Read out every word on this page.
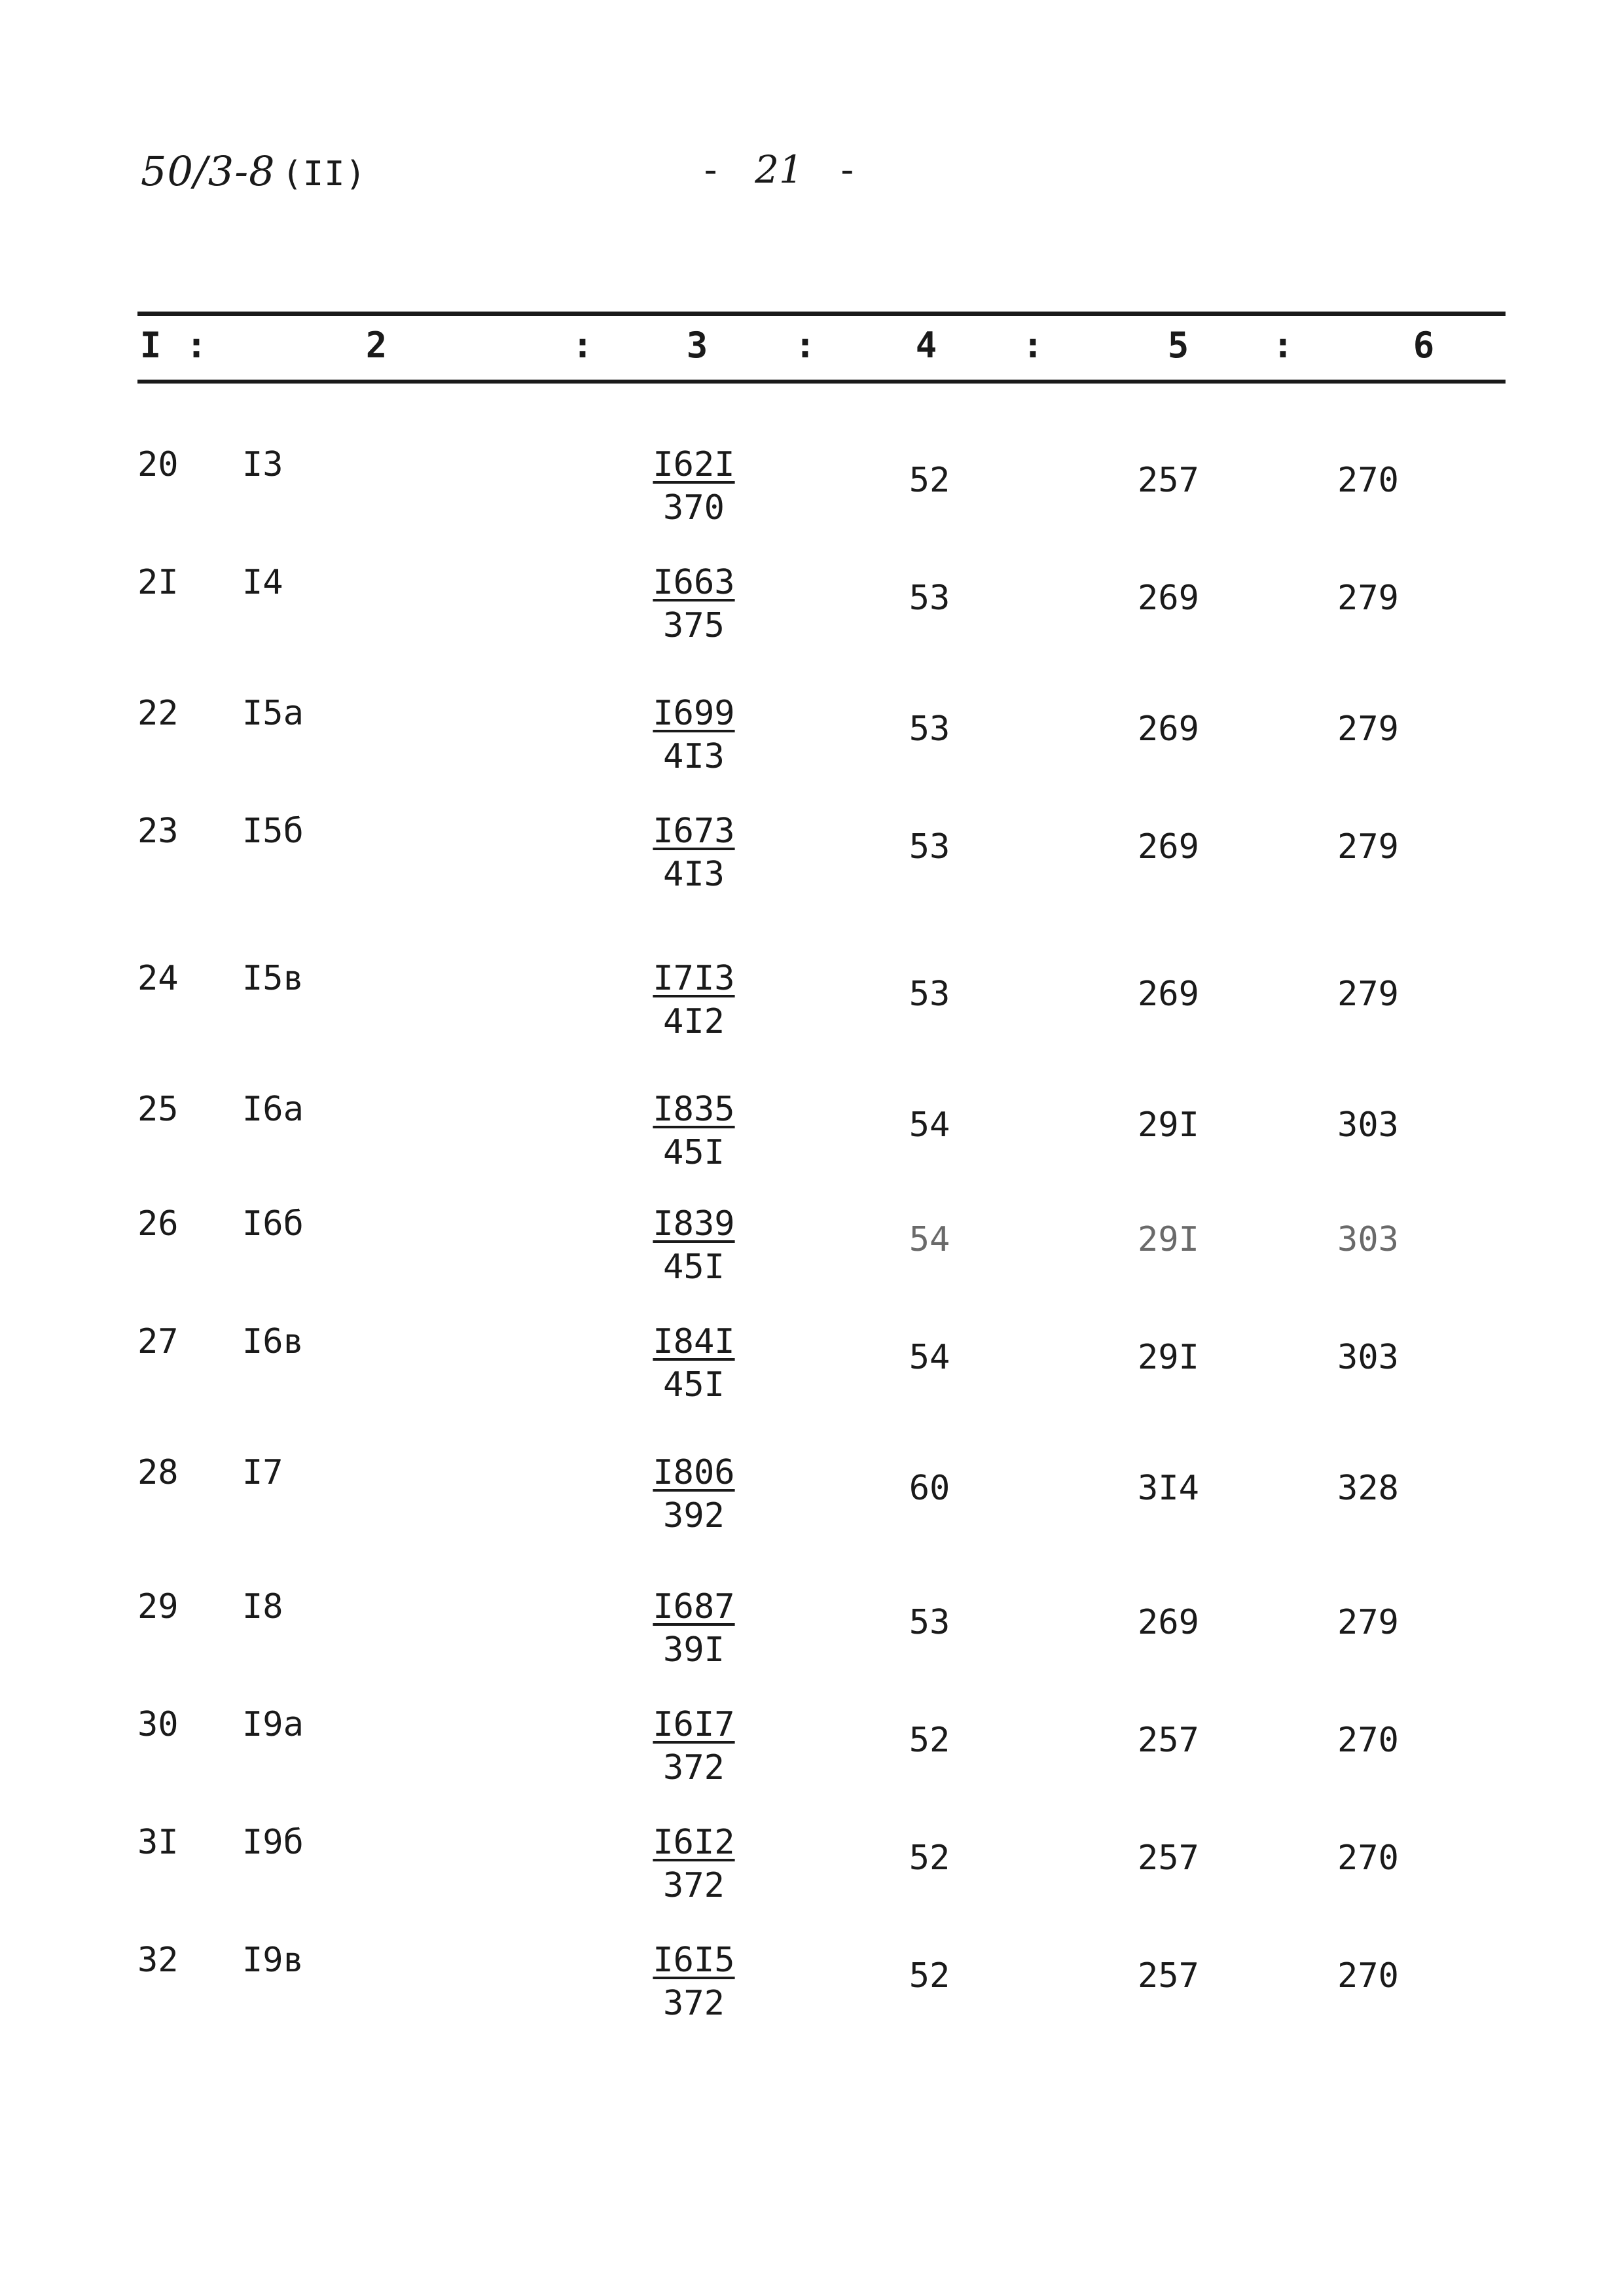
50/3-8 (II)	- 21 -
I :	2	:	3 :	4 :	5 :	6
20 I3	$\frac{I62I}{370}$	52	257	270
2I I4	$\frac{I663}{375}$	53	269	279
22 I5a	$\frac{I699}{4I3}$	53	269	279
23 I5б	$\frac{I673}{4I3}$	53	269	279
24 I5в	$\frac{I7I3}{4I2}$	53	269	279
25 I6a	$\frac{I835}{45I}$	54	29I	303
26 I6б	$\frac{I839}{45I}$	54	29I	303
27 I6в	$\frac{I84I}{45I}$	54	29I	303
28 I7	$\frac{I806}{392}$	60	3I4	328
29 I8	$\frac{I687}{39I}$	53	269	279
30 I9a	$\frac{I6I7}{372}$	52	257	270
3I I9б	$\frac{I6I2}{372}$	52	257	270
32 I9в	$\frac{I6I5}{372}$	52	257	270
